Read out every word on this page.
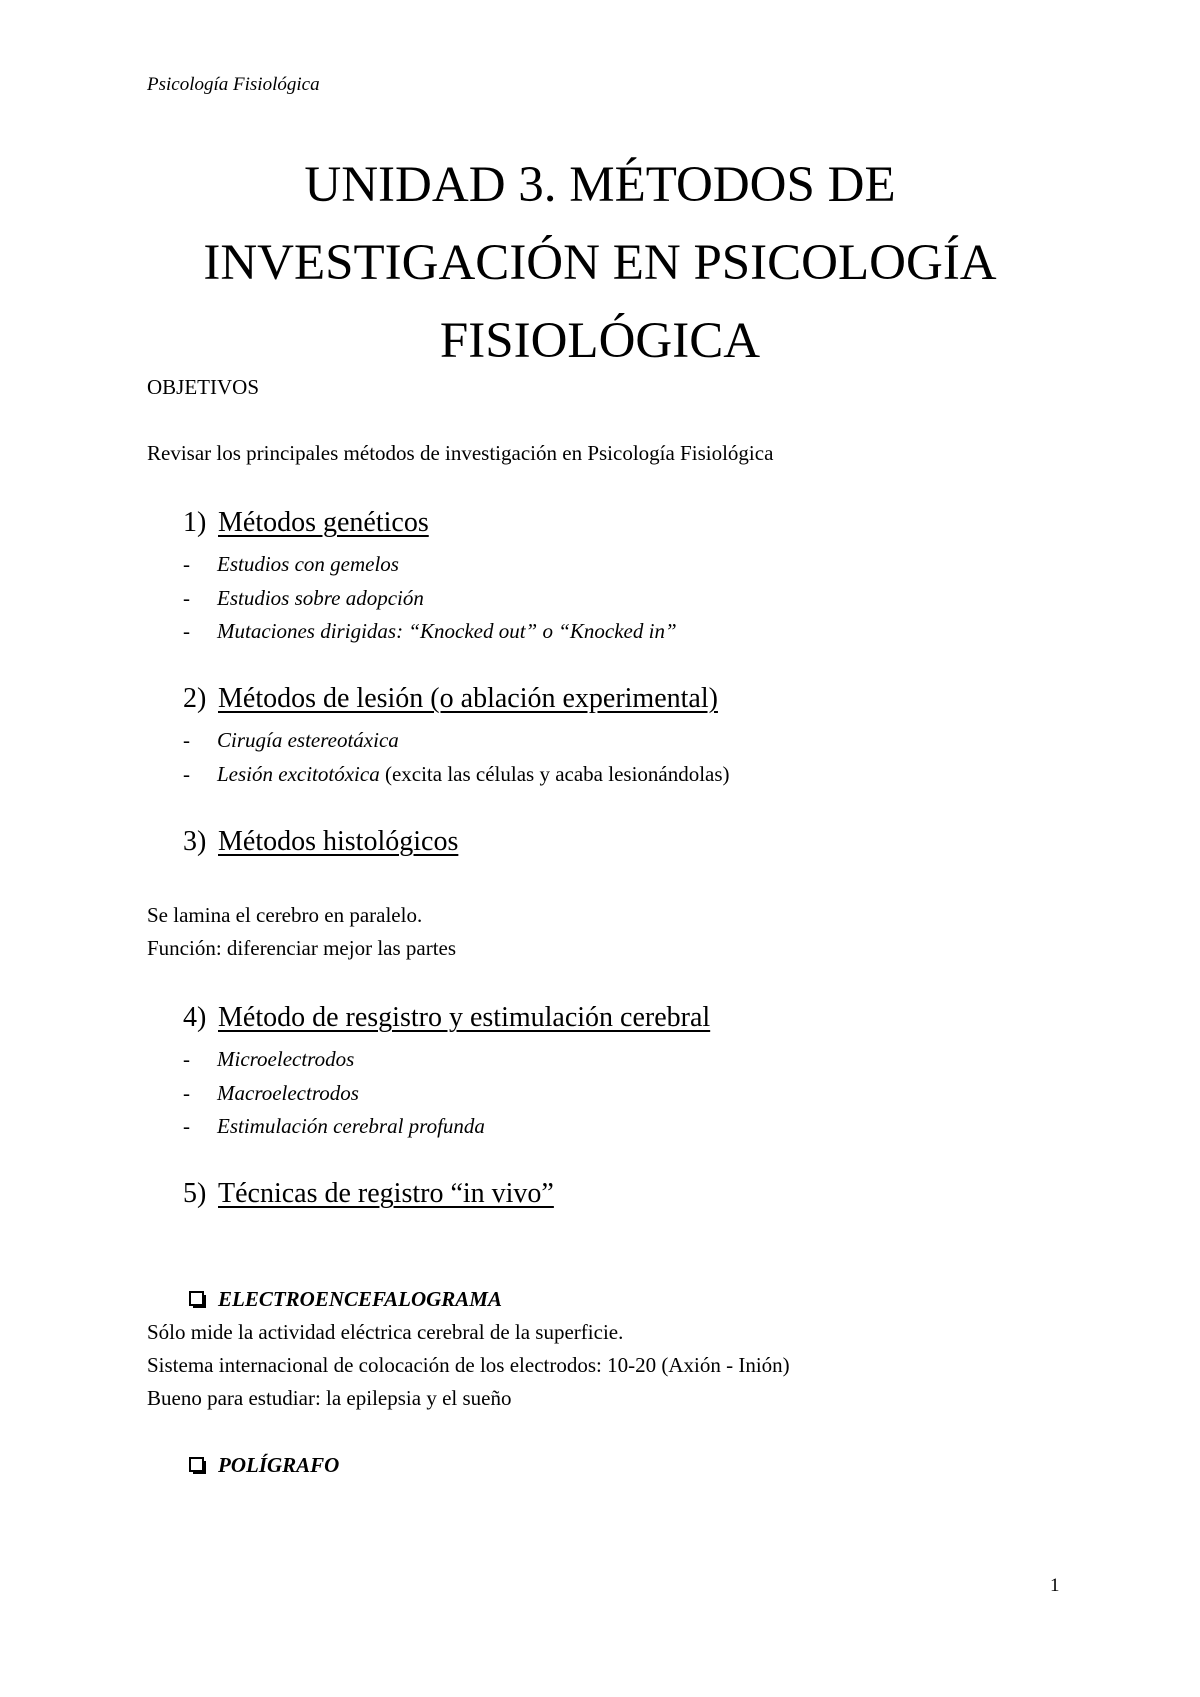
Psicología Fisiológica
UNIDAD 3. MÉTODOS DE
INVESTIGACIÓN EN PSICOLOGÍA
FISIOLÓGICA
OBJETIVOS
Revisar los principales métodos de investigación en Psicología Fisiológica
1) Métodos genéticos
- Estudios con gemelos
- Estudios sobre adopción
- Mutaciones dirigidas: “Knocked out” o “Knocked in”
2) Métodos de lesión (o ablación experimental)
- Cirugía estereotáxica
- Lesión excitotóxica (excita las células y acaba lesionándolas)
3) Métodos histológicos
Se lamina el cerebro en paralelo.
Función: diferenciar mejor las partes
4) Método de resgistro y estimulación cerebral
- Microelectrodos
- Macroelectrodos
- Estimulación cerebral profunda
5) Técnicas de registro “in vivo”
ELECTROENCEFALOGRAMA
Sólo mide la actividad eléctrica cerebral de la superficie.
Sistema internacional de colocación de los electrodos: 10-20 (Axión - Inión)
Bueno para estudiar: la epilepsia y el sueño
POLÍGRAFO
1
